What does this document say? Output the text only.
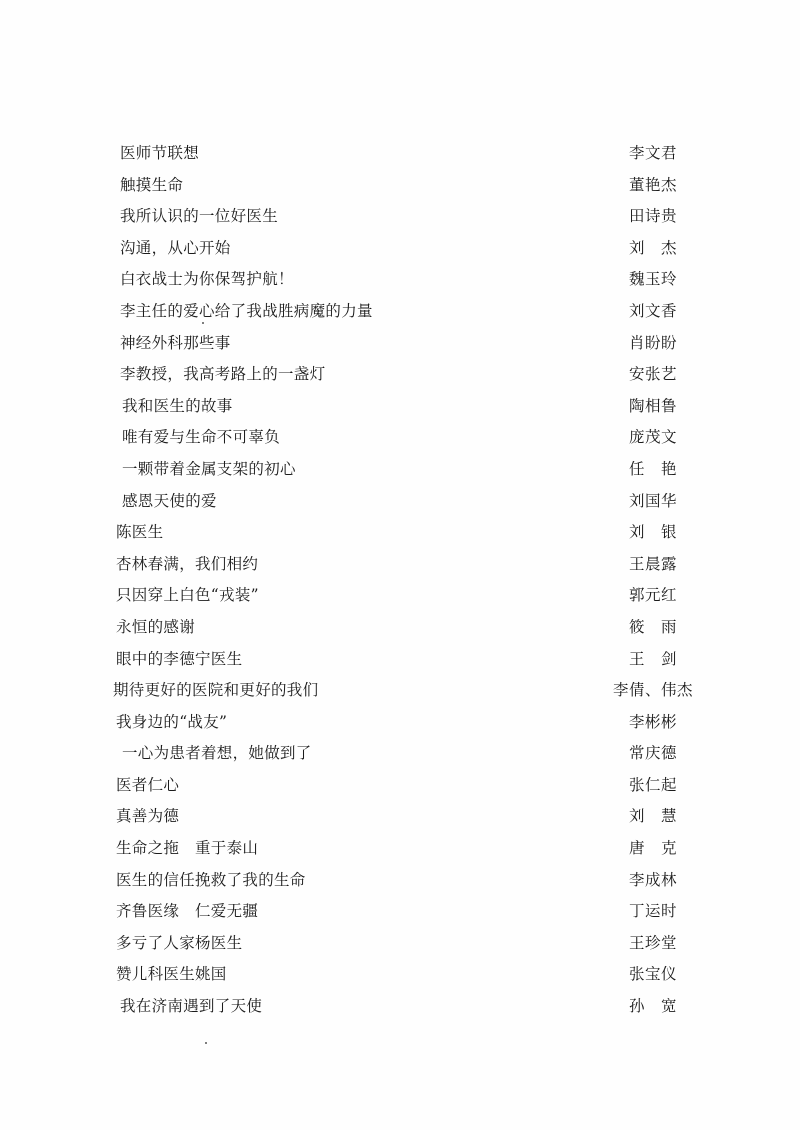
医师节联想	李文君
触摸生命	董艳杰
我所认识的一位好医生	田诗贵
沟通，从心开始	刘　杰
白衣战士为你保驾护航！	魏玉玲
李主任的爱心给了我战胜病魔的力量	刘文香
神经外科那些事	肖盼盼
李教授，我高考路上的一盏灯	安张艺
我和医生的故事	陶相鲁
唯有爱与生命不可辜负	庞茂文
一颗带着金属支架的初心	任　艳
感恩天使的爱	刘国华
陈医生	刘　银
杏林春满，我们相约	王晨露
只因穿上白色“戎装”	郭元红
永恒的感谢	筱　雨
眼中的李德宁医生	王　剑
期待更好的医院和更好的我们	李倩、伟杰
我身边的“战友”	李彬彬
一心为患者着想，她做到了	常庆德
医者仁心	张仁起
真善为德	刘　慧
生命之拖　重于泰山	唐　克
医生的信任挽救了我的生命	李成林
齐鲁医缘　仁爱无疆	丁运时
多亏了人家杨医生	王珍堂
赞儿科医生姚国	张宝仪
我在济南遇到了天使	孙　宽
